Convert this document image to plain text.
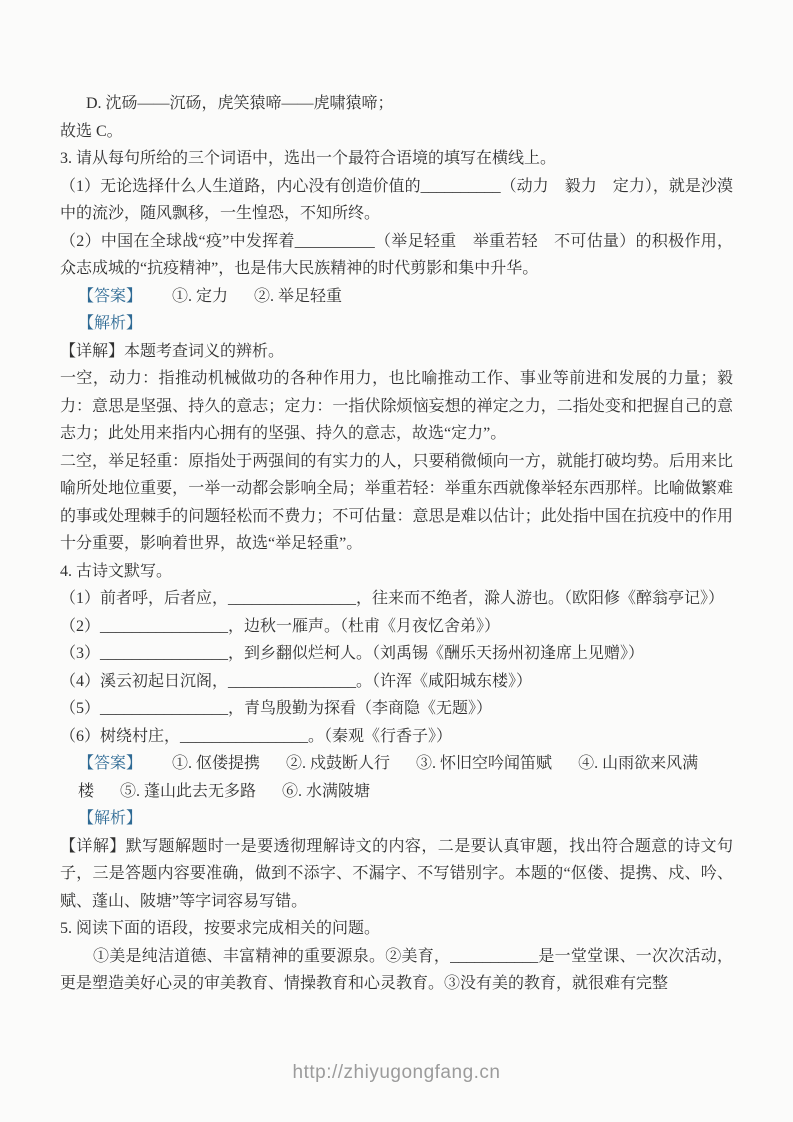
D. 沈砀——沉砀，虎笑猿啼——虎啸猿啼；
故选 C。
3. 请从每句所给的三个词语中，选出一个最符合语境的填写在横线上。
（1）无论选择什么人生道路，内心没有创造价值的__________（动力　毅力　定力），就是沙漠中的流沙，随风飘移，一生惶恐，不知所终。
（2）中国在全球战“疫”中发挥着__________（举足轻重　举重若轻　不可估量）的积极作用，众志成城的“抗疫精神”，也是伟大民族精神的时代剪影和集中升华。
【答案】 ①. 定力 ②. 举足轻重
【解析】
【详解】本题考查词义的辨析。
一空，动力：指推动机械做功的各种作用力，也比喻推动工作、事业等前进和发展的力量；毅力：意思是坚强、持久的意志；定力：一指伏除烦恼妄想的禅定之力，二指处变和把握自己的意志力；此处用来指内心拥有的坚强、持久的意志，故选“定力”。
二空，举足轻重：原指处于两强间的有实力的人，只要稍微倾向一方，就能打破均势。后用来比喻所处地位重要，一举一动都会影响全局；举重若轻：举重东西就像举轻东西那样。比喻做繁难的事或处理棘手的问题轻松而不费力；不可估量：意思是难以估计；此处指中国在抗疫中的作用十分重要，影响着世界，故选“举足轻重”。
4. 古诗文默写。
（1）前者呼，后者应，________________，往来而不绝者，滁人游也。（欧阳修《醉翁亭记》）
（2）________________，边秋一雁声。（杜甫《月夜忆舍弟》）
（3）________________，到乡翻似烂柯人。（刘禹锡《酬乐天扬州初逢席上见赠》）
（4）溪云初起日沉阁，________________。（许浑《咸阳城东楼》）
（5）________________，青鸟殷勤为探看（李商隐《无题》）
（6）树绕村庄，________________。（秦观《行香子》）
【答案】 ①. 伛偻提携 ②. 戍鼓断人行 ③. 怀旧空吟闻笛赋 ④. 山雨欲来风满楼 ⑤. 蓬山此去无多路 ⑥. 水满陂塘
【解析】
【详解】默写题解题时一是要透彻理解诗文的内容，二是要认真审题，找出符合题意的诗文句子，三是答题内容要准确，做到不添字、不漏字、不写错别字。本题的“伛偻、提携、戍、吟、赋、蓬山、陂塘”等字词容易写错。
5. 阅读下面的语段，按要求完成相关的问题。
①美是纯洁道德、丰富精神的重要源泉。②美育，___________是一堂堂课、一次次活动，更是塑造美好心灵的审美教育、情操教育和心灵教育。③没有美的教育，就很难有完整
http://zhiyugongfang.cn
